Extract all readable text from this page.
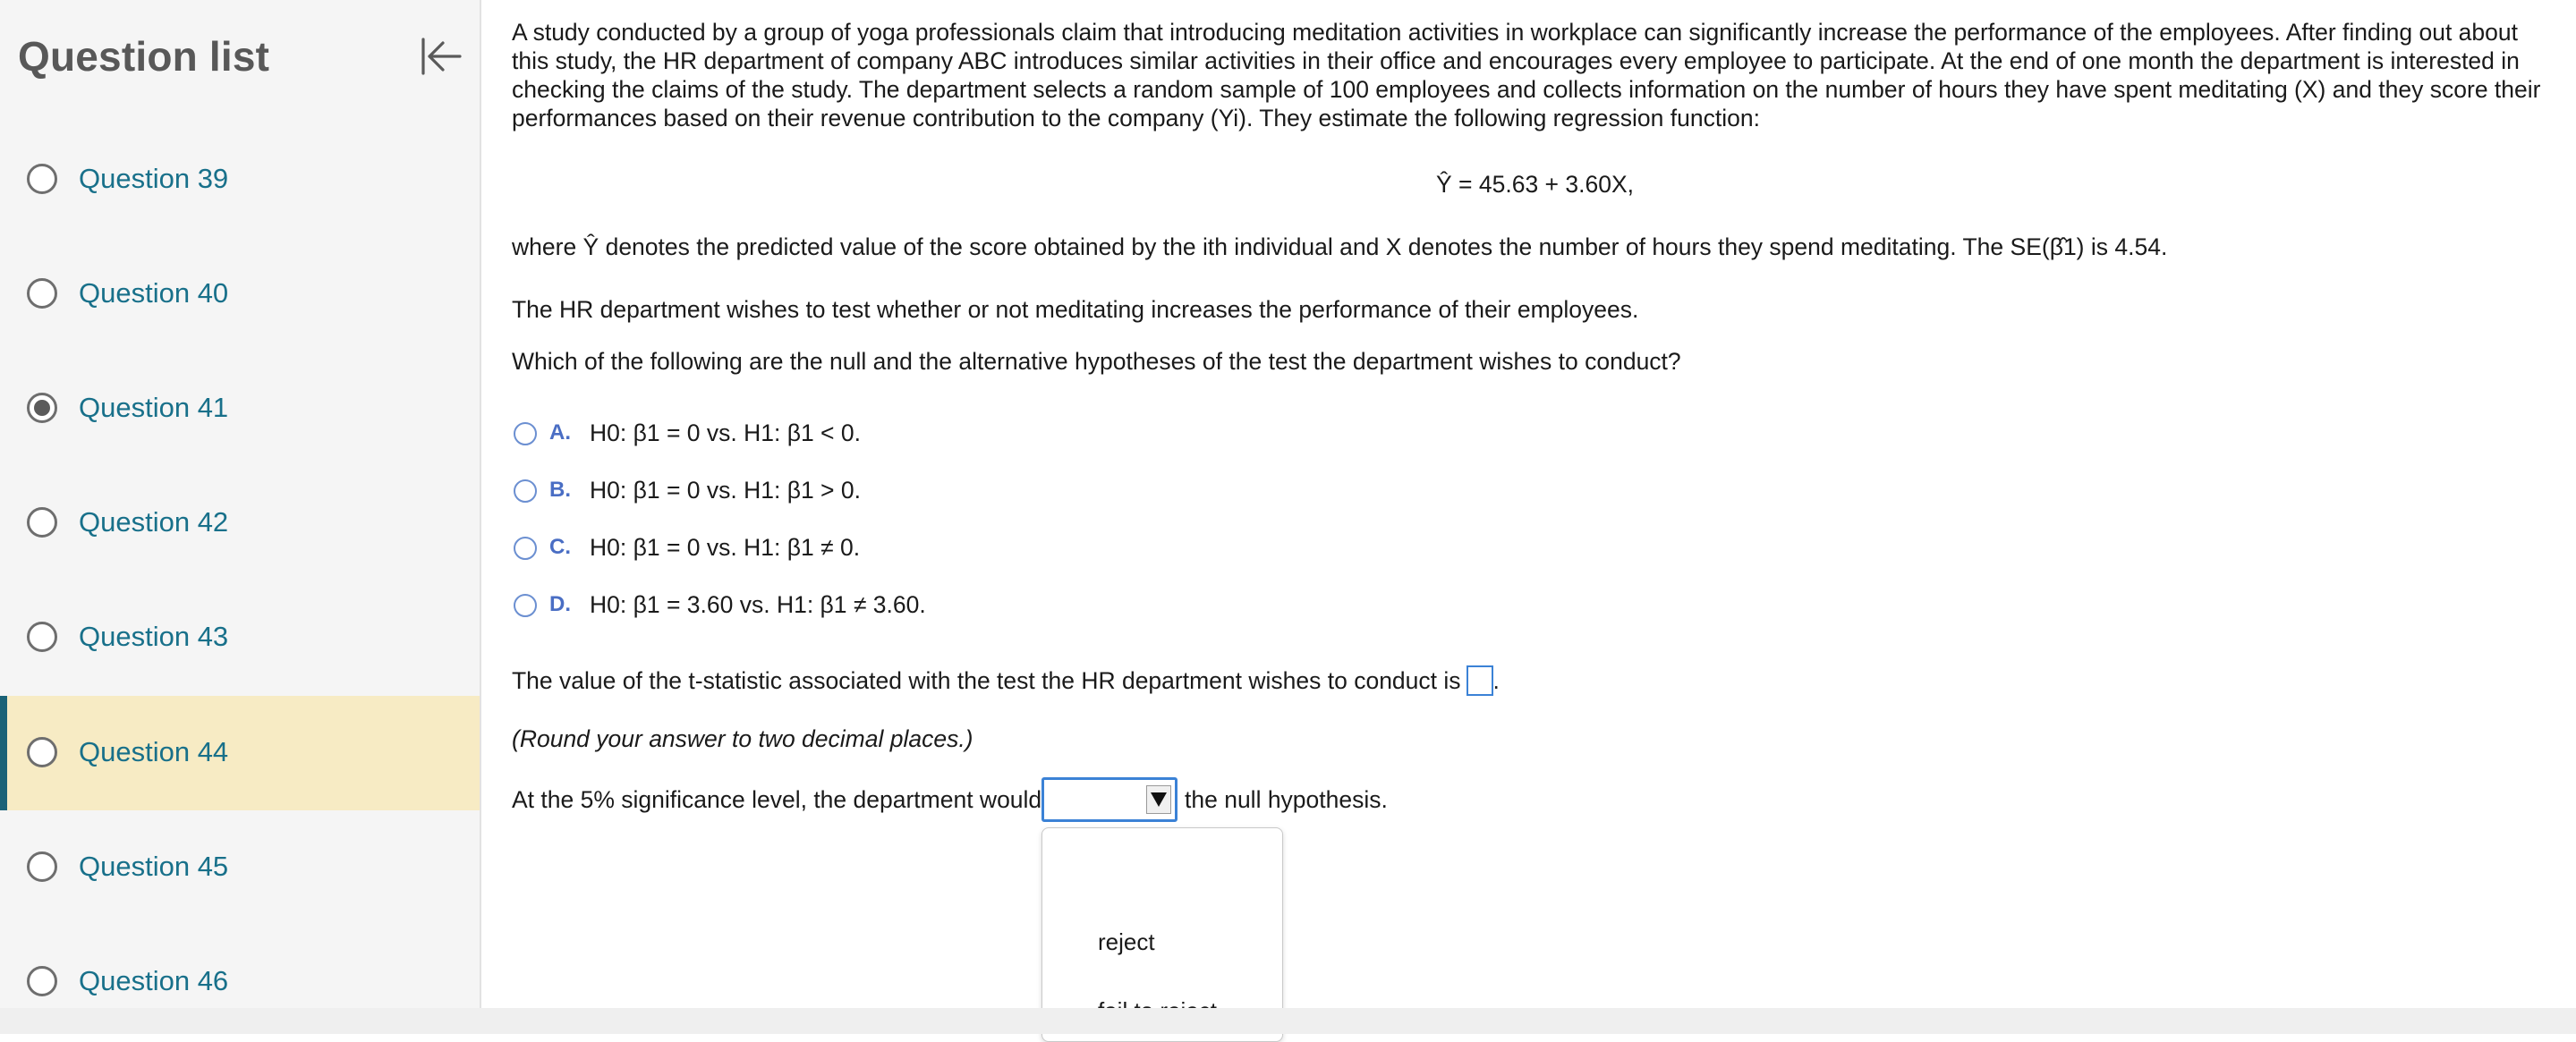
Question list
Question 39
Question 40
Question 41
Question 42
Question 43
Question 44
Question 45
Question 46
A study conducted by a group of yoga professionals claim that introducing meditation activities in workplace can significantly increase the performance of the employees. After finding out about
this study, the HR department of company ABC introduces similar activities in their office and encourages every employee to participate. At the end of one month the department is interested in
checking the claims of the study. The department selects a random sample of 100 employees and collects information on the number of hours they have spent meditating (X) and they score their
performances based on their revenue contribution to the company (Yi). They estimate the following regression function:
Ŷ = 45.63 + 3.60X,
where Ŷ denotes the predicted value of the score obtained by the ith individual and X denotes the number of hours they spend meditating. The SE(β̂1) is 4.54.
The HR department wishes to test whether or not meditating increases the performance of their employees.
Which of the following are the null and the alternative hypotheses of the test the department wishes to conduct?
A. H0: β1 = 0 vs. H1: β1 < 0.
B. H0: β1 = 0 vs. H1: β1 > 0.
C. H0: β1 = 0 vs. H1: β1 ≠ 0.
D. H0: β1 = 3.60 vs. H1: β1 ≠ 3.60.
The value of the t-statistic associated with the test the HR department wishes to conduct is .
(Round your answer to two decimal places.)
At the 5% significance level, the department would	the null hypothesis.
reject
